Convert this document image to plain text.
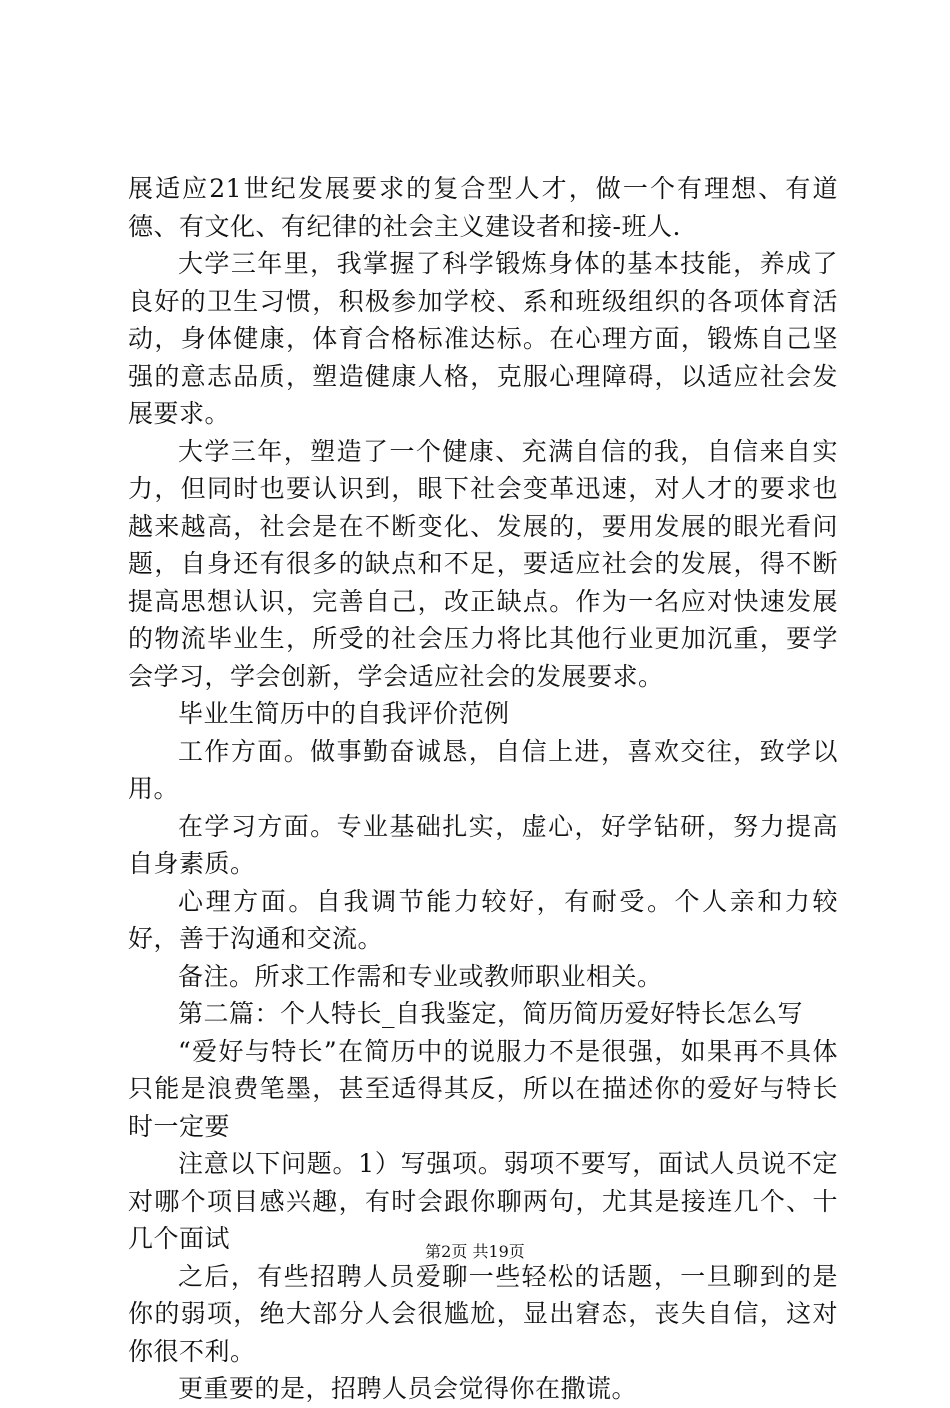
展适应21世纪发展要求的复合型人才，做一个有理想、有道德、有文化、有纪律的社会主义建设者和接-班人.

大学三年里，我掌握了科学锻炼身体的基本技能，养成了良好的卫生习惯，积极参加学校、系和班级组织的各项体育活动，身体健康，体育合格标准达标。在心理方面，锻炼自己坚强的意志品质，塑造健康人格，克服心理障碍，以适应社会发展要求。

大学三年，塑造了一个健康、充满自信的我，自信来自实力，但同时也要认识到，眼下社会变革迅速，对人才的要求也越来越高，社会是在不断变化、发展的，要用发展的眼光看问题，自身还有很多的缺点和不足，要适应社会的发展，得不断提高思想认识，完善自己，改正缺点。作为一名应对快速发展的物流毕业生，所受的社会压力将比其他行业更加沉重，要学会学习，学会创新，学会适应社会的发展要求。

毕业生简历中的自我评价范例

工作方面。做事勤奋诚恳，自信上进，喜欢交往，致学以用。

在学习方面。专业基础扎实，虚心，好学钻研，努力提高自身素质。

心理方面。自我调节能力较好，有耐受。个人亲和力较好，善于沟通和交流。

备注。所求工作需和专业或教师职业相关。

第二篇：个人特长_自我鉴定，简历简历爱好特长怎么写

“爱好与特长”在简历中的说服力不是很强，如果再不具体只能是浪费笔墨，甚至适得其反，所以在描述你的爱好与特长时一定要

注意以下问题。1）写强项。弱项不要写，面试人员说不定对哪个项目感兴趣，有时会跟你聊两句，尤其是接连几个、十几个面试

之后，有些招聘人员爱聊一些轻松的话题，一旦聊到的是你的弱项，绝大部分人会很尴尬，显出窘态，丧失自信，这对你很不利。

更重要的是，招聘人员会觉得你在撒谎。

第2页 共19页
